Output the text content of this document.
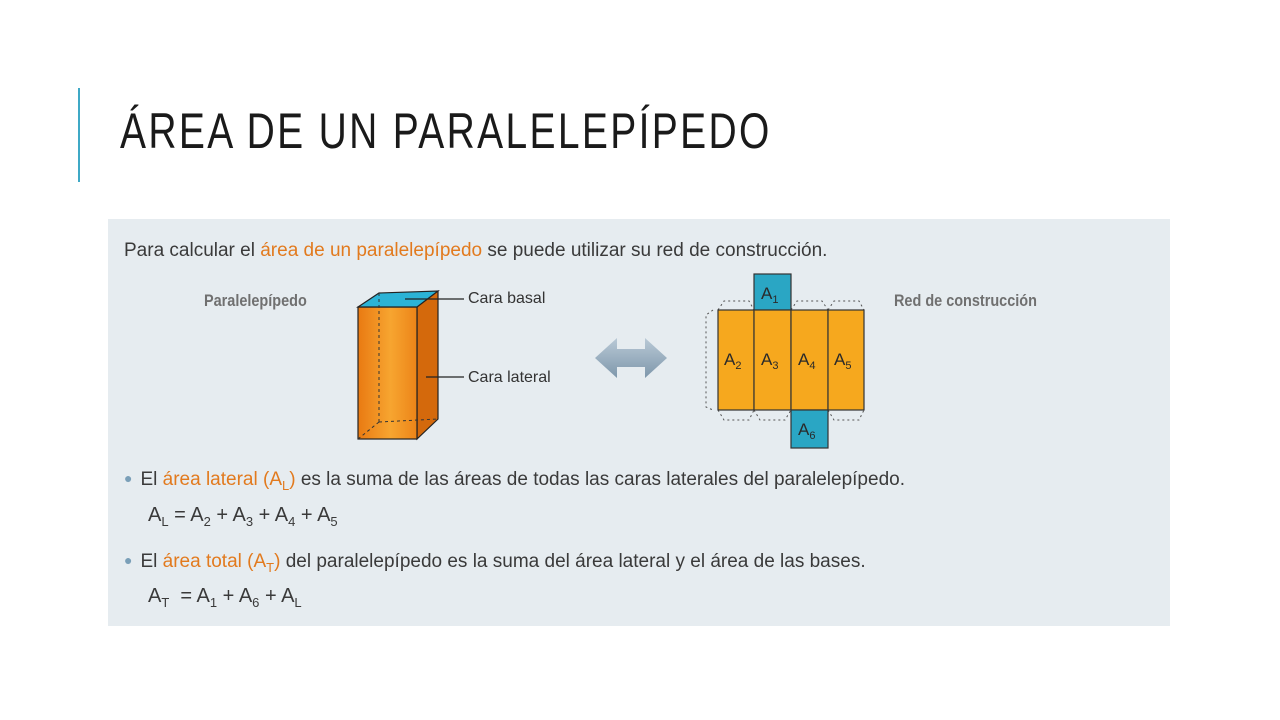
ÁREA DE UN PARALELEPÍPEDO
Para calcular el área de un paralelepípedo se puede utilizar su red de construcción.
Paralelepípedo	Red de construcción
Cara basal
Cara lateral
$A_1$
$A_2$ $A_3$ $A_4$ $A_5$
$A_6$
● El área lateral $(A_L)$ es la suma de las áreas de todas las caras laterales del paralelepípedo.
$A_L = A_2 + A_3 + A_4 + A_5$
● El área total $(A_T)$ del paralelepípedo es la suma del área lateral y el área de las bases.
$A_T = A_1 + A_6 + A_L$
